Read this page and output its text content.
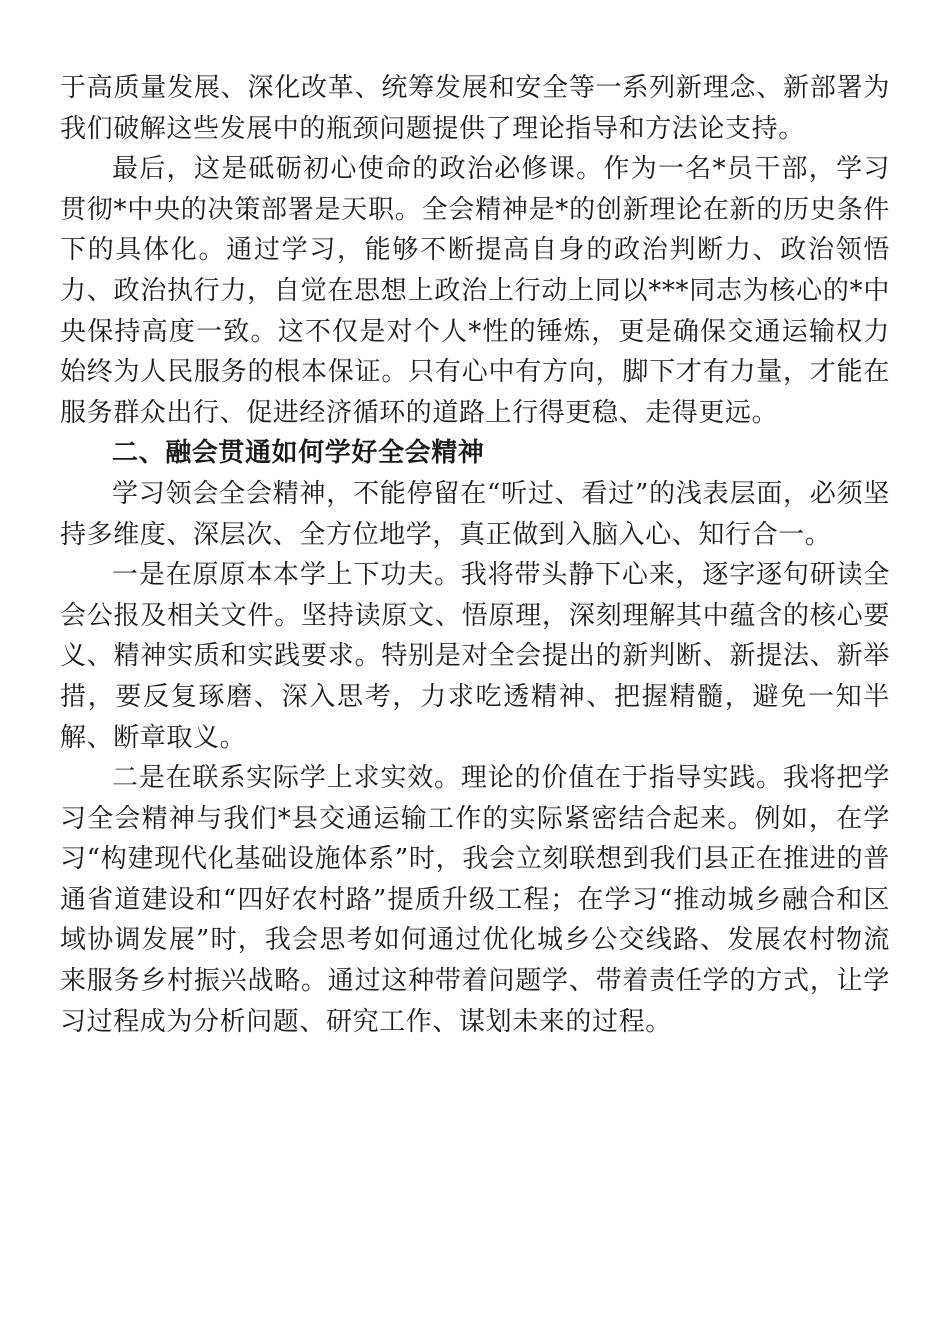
于高质量发展、深化改革、统筹发展和安全等一系列新理念、新部署为我们破解这些发展中的瓶颈问题提供了理论指导和方法论支持。

最后，这是砥砺初心使命的政治必修课。作为一名*员干部，学习贯彻*中央的决策部署是天职。全会精神是*的创新理论在新的历史条件下的具体化。通过学习，能够不断提高自身的政治判断力、政治领悟力、政治执行力，自觉在思想上政治上行动上同以***同志为核心的*中央保持高度一致。这不仅是对个人*性的锤炼，更是确保交通运输权力始终为人民服务的根本保证。只有心中有方向，脚下才有力量，才能在服务群众出行、促进经济循环的道路上行得更稳、走得更远。

二、融会贯通如何学好全会精神

学习领会全会精神，不能停留在“听过、看过”的浅表层面，必须坚持多维度、深层次、全方位地学，真正做到入脑入心、知行合一。

一是在原原本本学上下功夫。我将带头静下心来，逐字逐句研读全会公报及相关文件。坚持读原文、悟原理，深刻理解其中蕴含的核心要义、精神实质和实践要求。特别是对全会提出的新判断、新提法、新举措，要反复琢磨、深入思考，力求吃透精神、把握精髓，避免一知半解、断章取义。

二是在联系实际学上求实效。理论的价值在于指导实践。我将把学习全会精神与我们*县交通运输工作的实际紧密结合起来。例如，在学习“构建现代化基础设施体系”时，我会立刻联想到我们县正在推进的普通省道建设和“四好农村路”提质升级工程；在学习“推动城乡融合和区域协调发展”时，我会思考如何通过优化城乡公交线路、发展农村物流来服务乡村振兴战略。通过这种带着问题学、带着责任学的方式，让学习过程成为分析问题、研究工作、谋划未来的过程。
